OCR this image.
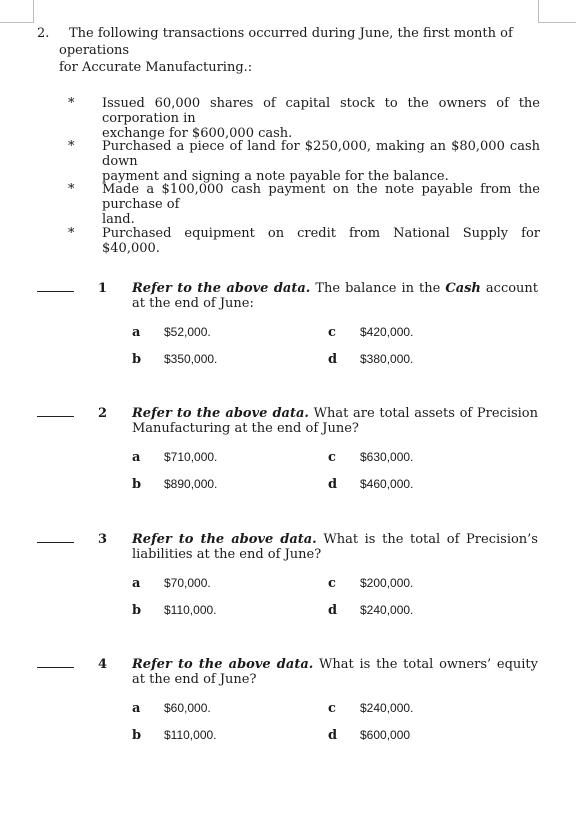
2.	The following transactions occurred during June, the first month of operations
for Accurate Manufacturing.:
* Issued 60,000 shares of capital stock to the owners of the corporation in
exchange for $600,000 cash.
* Purchased a piece of land for $250,000, making an $80,000 cash down
payment and signing a note payable for the balance.
* Made a $100,000 cash payment on the note payable from the purchase of
land.
* Purchased equipment on credit from National Supply for $40,000.
1 Refer to the above data. The balance in the Cash account at the end of June:
a $52,000.
b $350,000.
c $420,000.
d $380,000.
2 Refer to the above data. What are total assets of Precision Manufacturing at the end of June?
a $710,000.
b $890,000.
c $630,000.
d $460,000.
3 Refer to the above data. What is the total of Precision’s liabilities at the end of June?
a $70,000.
b $110,000.
c $200,000.
d $240,000.
4 Refer to the above data. What is the total owners’ equity at the end of June?
a $60,000.
b $110,000.
c $240,000.
d $600,000
